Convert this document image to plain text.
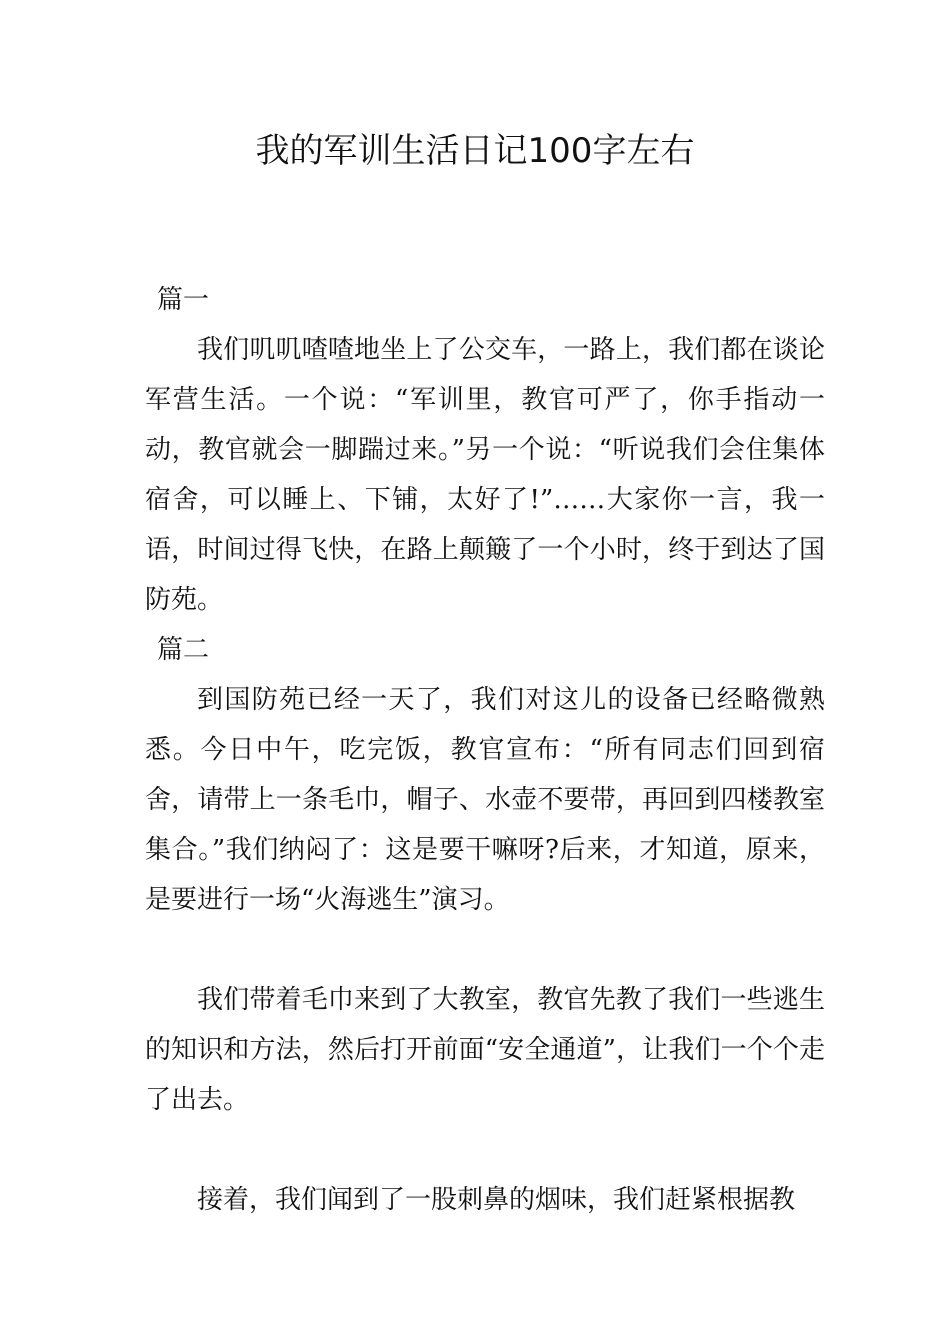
我的军训生活日记100字左右
篇一

我们叽叽喳喳地坐上了公交车，一路上，我们都在谈论军营生活。一个说：“军训里，教官可严了，你手指动一动，教官就会一脚踹过来。”另一个说：“听说我们会住集体宿舍，可以睡上、下铺，太好了!”……大家你一言，我一语，时间过得飞快，在路上颠簸了一个小时，终于到达了国防苑。

篇二

到国防苑已经一天了，我们对这儿的设备已经略微熟悉。今日中午，吃完饭，教官宣布：“所有同志们回到宿舍，请带上一条毛巾，帽子、水壶不要带，再回到四楼教室集合。”我们纳闷了：这是要干嘛呀?后来，才知道，原来，是要进行一场“火海逃生”演习。

我们带着毛巾来到了大教室，教官先教了我们一些逃生的知识和方法，然后打开前面“安全通道”，让我们一个个走了出去。

接着，我们闻到了一股刺鼻的烟味，我们赶紧根据教
